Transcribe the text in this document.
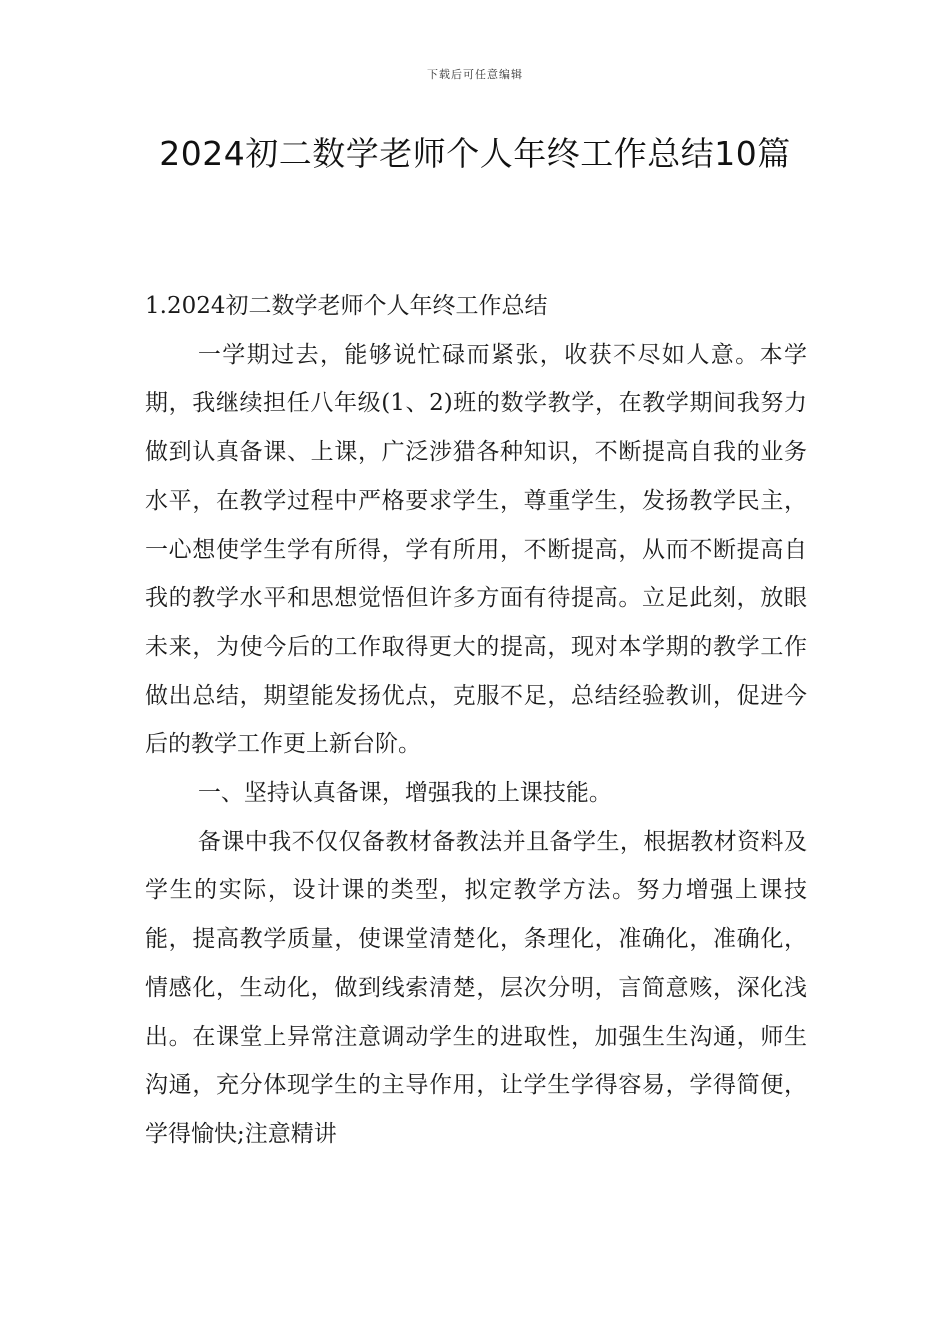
下载后可任意编辑
2024初二数学老师个人年终工作总结10篇

1.2024初二数学老师个人年终工作总结

一学期过去，能够说忙碌而紧张，收获不尽如人意。本学期，我继续担任八年级(1、2)班的数学教学，在教学期间我努力做到认真备课、上课，广泛涉猎各种知识，不断提高自我的业务水平，在教学过程中严格要求学生，尊重学生，发扬教学民主，一心想使学生学有所得，学有所用，不断提高，从而不断提高自我的教学水平和思想觉悟但许多方面有待提高。立足此刻，放眼未来，为使今后的工作取得更大的提高，现对本学期的教学工作做出总结，期望能发扬优点，克服不足，总结经验教训，促进今后的教学工作更上新台阶。

一、坚持认真备课，增强我的上课技能。

备课中我不仅仅备教材备教法并且备学生，根据教材资料及学生的实际，设计课的类型，拟定教学方法。努力增强上课技能，提高教学质量，使课堂清楚化，条理化，准确化，准确化，情感化，生动化，做到线索清楚，层次分明，言简意赅，深化浅出。在课堂上异常注意调动学生的进取性，加强生生沟通，师生沟通，充分体现学生的主导作用，让学生学得容易，学得简便，学得愉快;注意精讲
